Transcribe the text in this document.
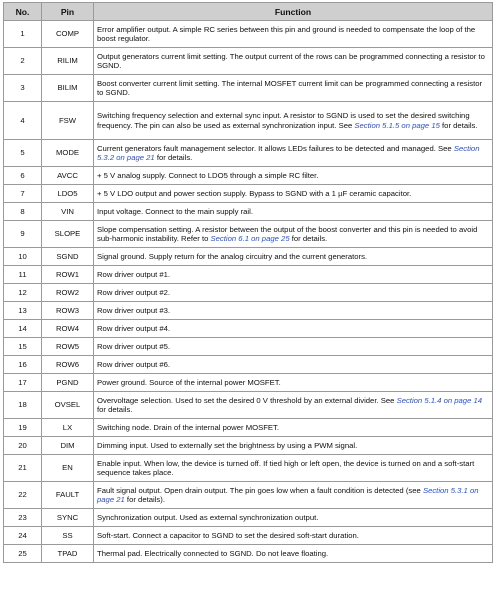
No.	Pin	Function
1	COMP	Error amplifier output. A simple RC series between this pin and ground is needed to compensate the loop of the boost regulator.
2	RILIM	Output generators current limit setting. The output current of the rows can be programmed connecting a resistor to SGND.
3	BILIM	Boost converter current limit setting. The internal MOSFET current limit can be programmed connecting a resistor to SGND.
4	FSW	Switching frequency selection and external sync input. A resistor to SGND is used to set the desired switching frequency. The pin can also be used as external synchronization input. See Section 5.1.5 on page 15 for details.
5	MODE	Current generators fault management selector. It allows LEDs failures to be detected and managed. See Section 5.3.2 on page 21 for details.
6	AVCC	+ 5 V analog supply. Connect to LDO5 through a simple RC filter.
7	LDO5	+ 5 V LDO output and power section supply. Bypass to SGND with a 1 µF ceramic capacitor.
8	VIN	Input voltage. Connect to the main supply rail.
9	SLOPE	Slope compensation setting. A resistor between the output of the boost converter and this pin is needed to avoid sub-harmonic instability. Refer to Section 6.1 on page 25 for details.
10	SGND	Signal ground. Supply return for the analog circuitry and the current generators.
11	ROW1	Row driver output #1.
12	ROW2	Row driver output #2.
13	ROW3	Row driver output #3.
14	ROW4	Row driver output #4.
15	ROW5	Row driver output #5.
16	ROW6	Row driver output #6.
17	PGND	Power ground. Source of the internal power MOSFET.
18	OVSEL	Overvoltage selection. Used to set the desired 0 V threshold by an external divider. See Section 5.1.4 on page 14 for details.
19	LX	Switching node. Drain of the internal power MOSFET.
20	DIM	Dimming input. Used to externally set the brightness by using a PWM signal.
21	EN	Enable input. When low, the device is turned off. If tied high or left open, the device is turned on and a soft-start sequence takes place.
22	FAULT	Fault signal output. Open drain output. The pin goes low when a fault condition is detected (see Section 5.3.1 on page 21 for details).
23	SYNC	Synchronization output. Used as external synchronization output.
24	SS	Soft-start. Connect a capacitor to SGND to set the desired soft-start duration.
25	TPAD	Thermal pad. Electrically connected to SGND. Do not leave floating.
